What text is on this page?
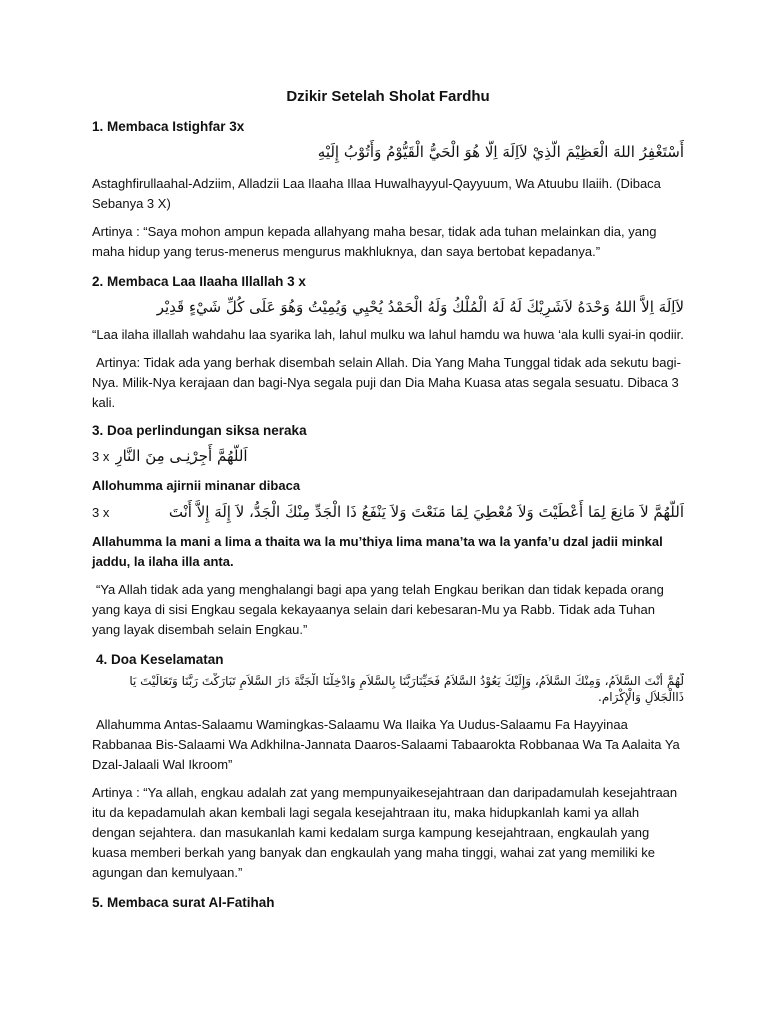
Dzikir Setelah Sholat Fardhu
1. Membaca Istighfar 3x
أَسْتَغْفِرُ اللهَ الْعَظِيْمَ الَّذِيْ لاَاِلَهَ اِلَّا هُوَ الْحَيُّ الْقَيُّوْمُ وَأَتُوْبُ إِلَيْهِ
Astaghfirullaahal-Adziim, Alladzii Laa Ilaaha Illaa Huwalhayyul-Qayyuum, Wa Atuubu Ilaiih. (Dibaca Sebanya 3 X)
Artinya : “Saya mohon ampun kepada allahyang maha besar, tidak ada tuhan melainkan dia, yang maha hidup yang terus-menerus mengurus makhluknya, dan saya bertobat kepadanya.”
2. Membaca Laa Ilaaha Illallah 3 x
لاَاِلَهَ اِلاَّ اللهُ وَحْدَهُ لاَشَرِيْكَ لَهُ لَهُ الْمُلْكُ وَلَهُ الْحَمْدُ يُحْيِي وَيُمِيْتُ وَهُوَ عَلَى كُلِّ شَيْءٍ قَدِيْر
“Laa ilaha illallah wahdahu laa syarika lah, lahul mulku wa lahul hamdu wa huwa ‘ala kulli syai-in qodiir.
Artinya: Tidak ada yang berhak disembah selain Allah. Dia Yang Maha Tunggal tidak ada sekutu bagi-Nya. Milik-Nya kerajaan dan bagi-Nya segala puji dan Dia Maha Kuasa atas segala sesuatu. Dibaca 3 kali.
3. Doa perlindungan siksa neraka
3 x اَللَّهُمَّ أَجِرْنِـى مِنَ النَّارِ
Allohumma ajirnii minanar dibaca
3 x	اَللَّهُمَّ لاَ مَانِعَ لِمَا أَعْطَيْتَ وَلاَ مُعْطِيَ لِمَا مَنَعْتَ وَلاَ يَنْفَعُ ذَا الْجَدِّ مِنْكَ الْجَدُّ، لاَ إِلَهَ إِلاَّ أَنْتَ
Allahumma la mani a lima a thaita wa la mu’thiya lima mana’ta wa la yanfa’u dzal jadii minkal jaddu, la ilaha illa anta.
“Ya Allah tidak ada yang menghalangi bagi apa yang telah Engkau berikan dan tidak kepada orang yang kaya di sisi Engkau segala kekayaanya selain dari kebesaran-Mu ya Rabb. Tidak ada Tuhan yang layak disembah selain Engkau.”
4. Doa Keselamatan
لَّهُمَّ أَنْتَ السَّلاَمُ، وَمِنْكَ السَّلاَمُ، وَإِلَيْكَ يَعُوْدُ السَّلاَمُ فَحَيِّنَارَبَّنَا بِالسَّلاَمِ وَادْخِلْنَا الْجَنَّةَ دَارَ السَّلاَمِ تَبَارَكْتَ رَبَّنَا وَتَعَالَيْتَ يَا ذَاالْجَلاَلِ وَالْإِكْرَام.
Allahumma Antas-Salaamu Wamingkas-Salaamu Wa Ilaika Ya Uudus-Salaamu Fa Hayyinaa Rabbanaa Bis-Salaami Wa Adkhilna-Jannata Daaros-Salaami Tabaarokta Robbanaa Wa Ta Aalaita Ya Dzal-Jalaali Wal Ikroom”
Artinya : “Ya allah, engkau adalah zat yang mempunyaikesejahtraan dan daripadamulah kesejahtraan itu da kepadamulah akan kembali lagi segala kesejahtraan itu, maka hidupkanlah kami ya allah dengan sejahtera. dan masukanlah kami kedalam surga kampung kesejahtraan, engkaulah yang kuasa memberi berkah yang banyak dan engkaulah yang maha tinggi, wahai zat yang memiliki ke agungan dan kemulyaan.”
5. Membaca surat Al-Fatihah
